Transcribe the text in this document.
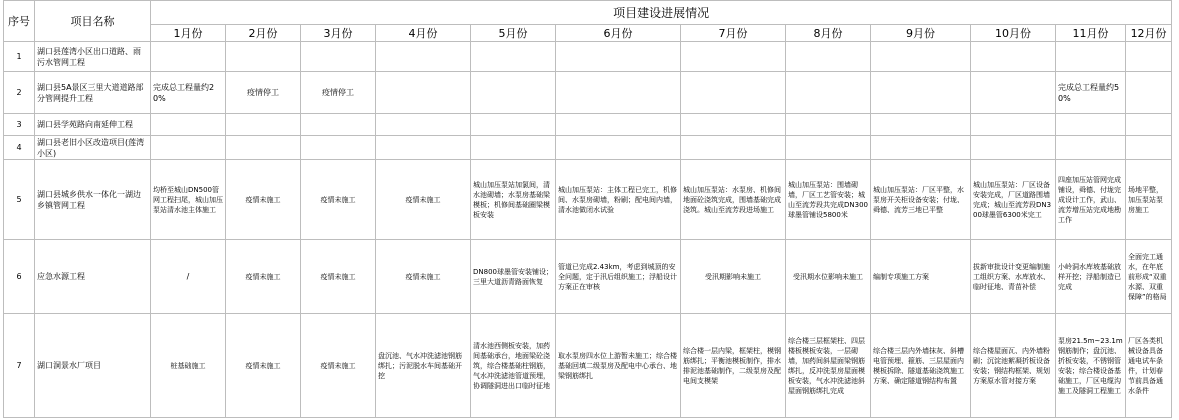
序号	项目名称	项目建设进展情况											
		1月份	2月份	3月份	4月份	5月份	6月份	7月份	8月份	9月份	10月份	11月份	12月份
1	湖口县莲湾小区出口道路、雨污水管网工程												
2	湖口县5A景区三里大道道路部分管网提升工程	完成总工程量约20%	疫情停工	疫情停工								完成总工程量约50%	
3	湖口县学苑路向南延伸工程												
4	湖口县老旧小区改造项目(莲湾小区)												
5	湖口县城乡供水一体化一湖边乡镇管网工程	均桥至城山DN500管网工程扫尾，城山加压泵站清水池主体施工	疫情未施工	疫情未施工	疫情未施工	城山加压泵站加氯间，清水池砌墙；水泵房基础梁模板；机修间基础圈梁模板安装	城山加压泵站：主体工程已完工，机修间、水泵房砌墙，粉刷；配电间内墙，清水池做闭水试验	城山加压泵站：水泵房、机修间地面砼浇筑完成，围墙基础完成浇筑。城山至流芳段进场施工	城山加压泵站：围墙砌墙，厂区工艺管安装；城山至流芳段共完成DN300球墨管铺设5800米	城山加压泵站：厂区平整，水泵房开关柜设备安装；付垅、舜德、流芳三地已平整	城山加压泵站：厂区设备安装完成，厂区道路围墙完成；城山至流芳段DN300球墨管6300米完工	四座加压站管网完成铺设，舜德、付垅完成设计工作，武山、流芳增压站完成地勘工作	场地平整，加压泵站泵房施工
6	应急水源工程	/	疫情未施工	疫情未施工	疫情未施工	DN800球墨管安装铺设；三里大道沥青路面恢复	管道已完成2.43km，考虑到城顶的安全问题，定于汛后组织施工；浮船设计方案正在审核	受汛期影响未施工	受汛期水位影响未施工	编制专项施工方案	拔新审批设计变更编制施工组织方案、水库放水、临时征地、青苗补偿	小岭洞水库坡基础放样开挖；浮船制造已完成	全面完工通水，在年底前形成“双重水源、双重保障”的格局
7	湖口洞景水厂项目	桩基础施工	疫情未施工	疫情未施工	盘沉池、气水冲洗滤池钢筋绑扎；污泥脱水车间基础开挖	清水池西侧板安装，加药间基础承台，地面梁砼浇筑，综合楼基础柱钢筋，气水冲洗滤池管道预埋，协调隧洞进出口临时征地	取水泵房四水位上游暂未施工；综合楼基础回填二级泵房及配电中心承台、地梁钢筋绑扎	综合楼一层内梁，框架柱，模钢筋绑扎；平衡池模板制作，排水排泥池基础制作，二级泵房及配电间支模架	综合楼三层框架柱、四层楼板模板安装，一层砌墙，加药间斜屋面梁钢筋绑扎，反冲洗泵房屋面模板安装，气水冲洗滤池斜屋面钢筋绑扎完成	综合楼三层内外墙抹灰、斜槽电管预埋、箍筋、三层屋面内模板拆除、隧道基础浇筑施工方案、确定隧道钢结构布置	综合楼屋面瓦、内外墙粉刷；沉淀池絮凝折板设备安装；钢结构框架、规划方案原水管对接方案	泵房21.5m~23.1m钢筋制作；盘沉池、折板安装，不锈钢管安装；综合楼设备基础施工，厂区电缆沟施工及隧洞工程施工	厂区各类机械设备具备通电试车条件，计划春节前具备通水条件
